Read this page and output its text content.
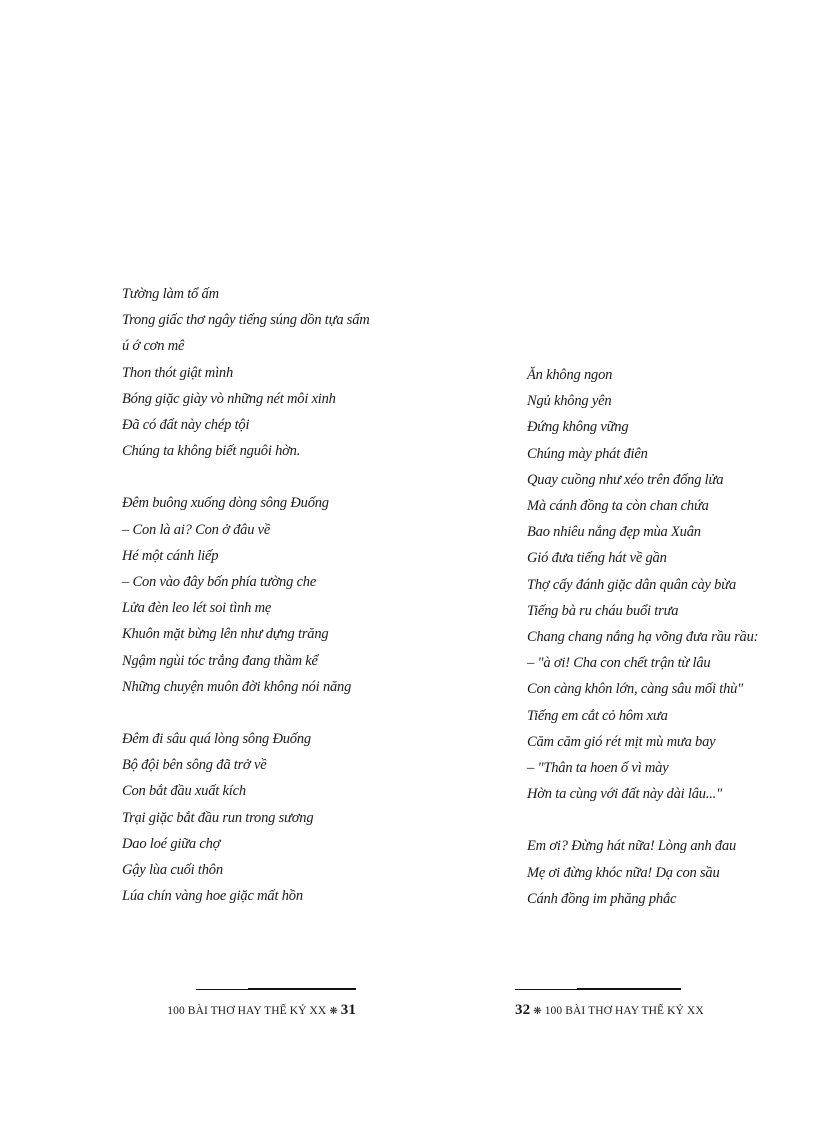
Tường làm tổ ấm
Trong giấc thơ ngây tiếng súng dồn tựa sấm
ú ớ cơn mê
Thon thót giật mình
Bóng giặc giày vò những nét môi xinh
Đã có đất này chép tội
Chúng ta không biết nguôi hờn.
Đêm buông xuống dòng sông Đuống
– Con là ai? Con ở đâu về
Hé một cánh liếp
– Con vào đây bốn phía tường che
Lửa đèn leo lét soi tình mẹ
Khuôn mặt bừng lên như dựng trăng
Ngậm ngùi tóc trắng đang thầm kể
Những chuyện muôn đời không nói năng
Đêm đi sâu quá lòng sông Đuống
Bộ đội bên sông đã trở về
Con bắt đầu xuất kích
Trại giặc bắt đầu run trong sương
Dao loé giữa chợ
Gậy lùa cuối thôn
Lúa chín vàng hoe giặc mất hồn
Ăn không ngon
Ngủ không yên
Đứng không vững
Chúng mày phát điên
Quay cuồng như xéo trên đống lửa
Mà cánh đồng ta còn chan chứa
Bao nhiêu nắng đẹp mùa Xuân
Gió đưa tiếng hát về gần
Thợ cấy đánh giặc dân quân cày bừa
Tiếng bà ru cháu buổi trưa
Chang chang nắng hạ võng đưa rầu rầu:
– "à ơi! Cha con chết trận từ lâu
Con càng khôn lớn, càng sâu mối thù"
Tiếng em cắt cỏ hôm xưa
Căm căm gió rét mịt mù mưa bay
– "Thân ta hoen ố vì mày
Hờn ta cùng với đất này dài lâu..."
Em ơi? Đừng hát nữa! Lòng anh đau
Mẹ ơi đừng khóc nữa! Dạ con sầu
Cánh đồng im phăng phắc
100 BÀI THƠ HAY THẾ KỶ XX ❋ 31	32 ❋ 100 BÀI THƠ HAY THẾ KỶ XX
